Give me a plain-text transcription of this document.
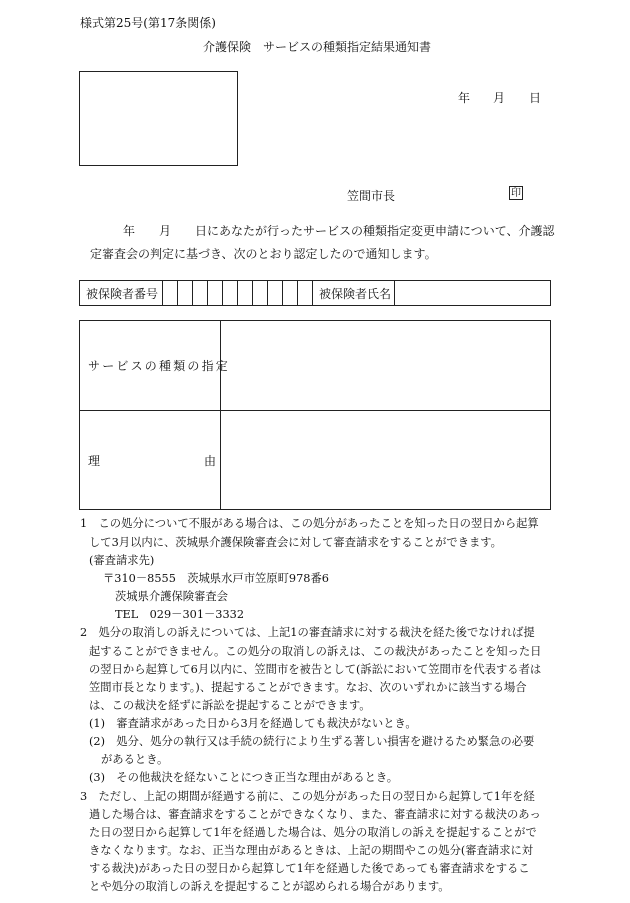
様式第25号(第17条関係)
介護保険　サービスの種類指定結果通知書
年 月 日
笠間市長	印
年　　月　　日にあなたが行ったサービスの種類指定変更申請について、介護認
定審査会の判定に基づき、次のとおり認定したので通知します。
被保険者番号	被保険者氏名
サービスの種類の指定
理	由
1　この処分について不服がある場合は、この処分があったことを知った日の翌日から起算
して3月以内に、茨城県介護保険審査会に対して審査請求をすることができます。
(審査請求先)
〒310－8555　茨城県水戸市笠原町978番6
茨城県介護保険審査会
TEL　029－301－3332
2　処分の取消しの訴えについては、上記1の審査請求に対する裁決を経た後でなければ提
起することができません。この処分の取消しの訴えは、この裁決があったことを知った日
の翌日から起算して6月以内に、笠間市を被告として(訴訟において笠間市を代表する者は
笠間市長となります。)、提起することができます。なお、次のいずれかに該当する場合
は、この裁決を経ずに訴訟を提起することができます。
(1)　審査請求があった日から3月を経過しても裁決がないとき。
(2)　処分、処分の執行又は手続の続行により生ずる著しい損害を避けるため緊急の必要
があるとき。
(3)　その他裁決を経ないことにつき正当な理由があるとき。
3　ただし、上記の期間が経過する前に、この処分があった日の翌日から起算して1年を経
過した場合は、審査請求をすることができなくなり、また、審査請求に対する裁決のあっ
た日の翌日から起算して1年を経過した場合は、処分の取消しの訴えを提起することがで
きなくなります。なお、正当な理由があるときは、上記の期間やこの処分(審査請求に対
する裁決)があった日の翌日から起算して1年を経過した後であっても審査請求をするこ
とや処分の取消しの訴えを提起することが認められる場合があります。
